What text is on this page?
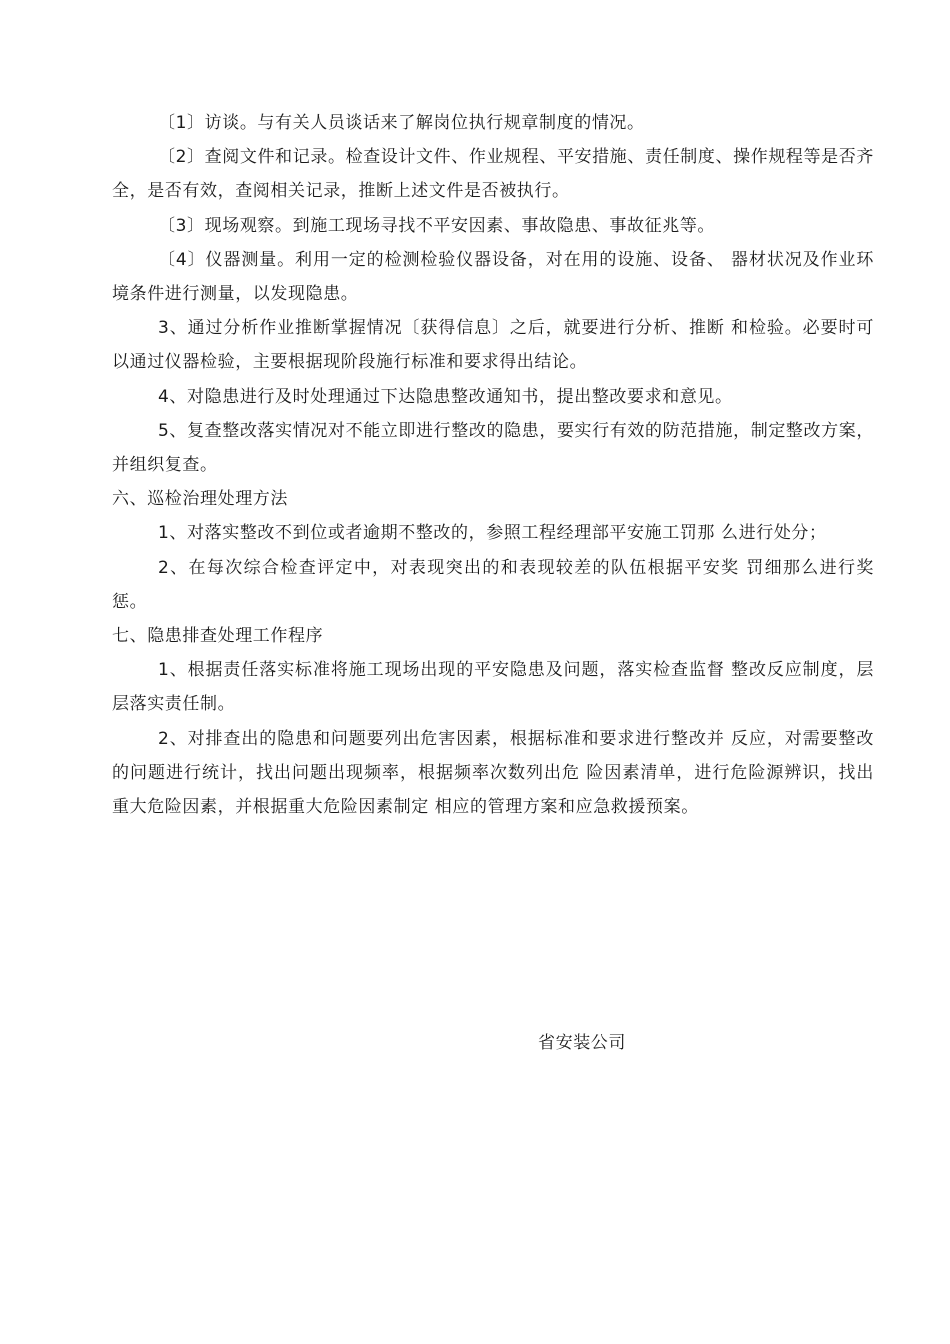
〔1〕访谈。与有关人员谈话来了解岗位执行规章制度的情况。

〔2〕查阅文件和记录。检查设计文件、作业规程、平安措施、责任制度、操作规程等是否齐全，是否有效，查阅相关记录，推断上述文件是否被执行。

〔3〕现场观察。到施工现场寻找不平安因素、事故隐患、事故征兆等。

〔4〕仪器测量。利用一定的检测检验仪器设备，对在用的设施、设备、 器材状况及作业环境条件进行测量，以发现隐患。

3、通过分析作业推断掌握情况〔获得信息〕之后，就要进行分析、推断 和检验。必要时可以通过仪器检验，主要根据现阶段施行标准和要求得出结论。

4、对隐患进行及时处理通过下达隐患整改通知书，提出整改要求和意见。

5、复查整改落实情况对不能立即进行整改的隐患，要实行有效的防范措施，制定整改方案，并组织复查。

六、巡检治理处理方法

1、对落实整改不到位或者逾期不整改的，参照工程经理部平安施工罚那 么进行处分；

2、在每次综合检查评定中，对表现突出的和表现较差的队伍根据平安奖 罚细那么进行奖惩。

七、隐患排查处理工作程序

1、根据责任落实标准将施工现场出现的平安隐患及问题，落实检查监督 整改反应制度，层层落实责任制。

2、对排查出的隐患和问题要列出危害因素，根据标准和要求进行整改并 反应，对需要整改的问题进行统计，找出问题出现频率，根据频率次数列出危 险因素清单，进行危险源辨识，找出重大危险因素，并根据重大危险因素制定 相应的管理方案和应急救援预案。

省安装公司
